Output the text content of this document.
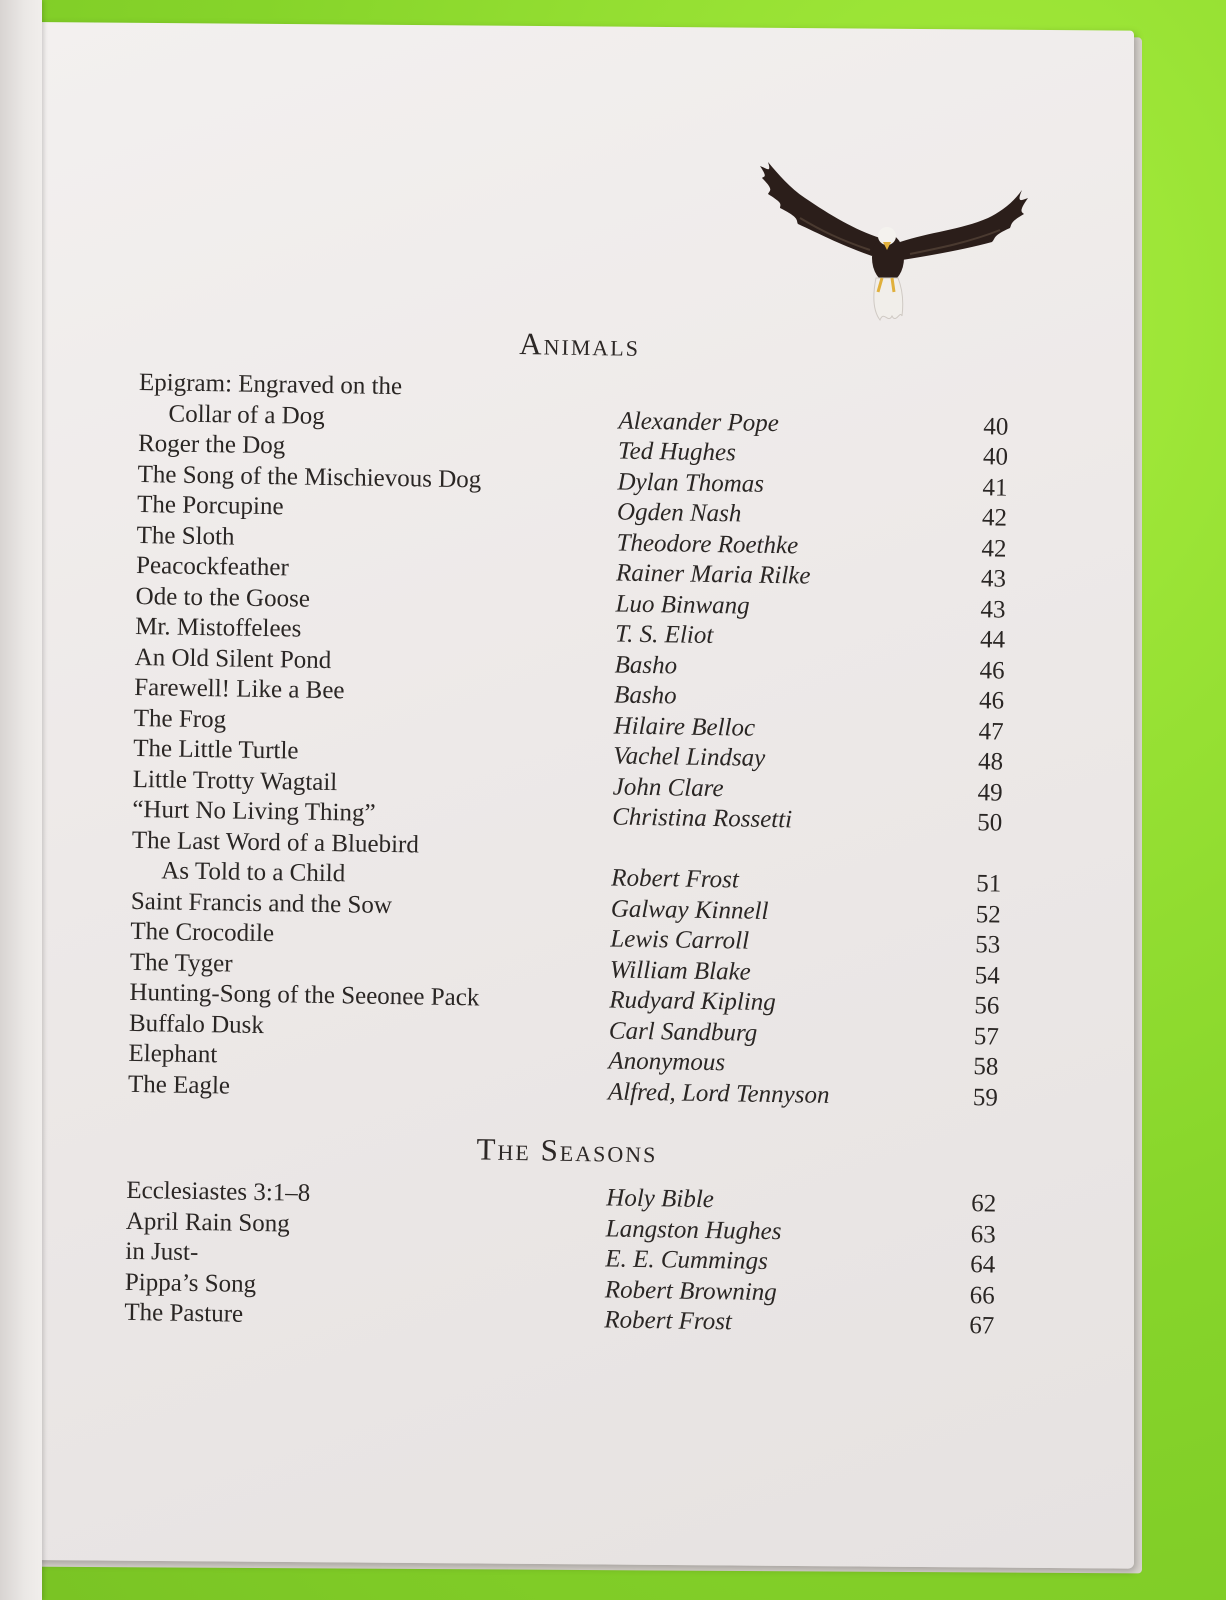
Animals
Epigram: Engraved on the
Collar of a Dog	Alexander Pope	40
Roger the Dog	Ted Hughes	40
The Song of the Mischievous Dog	Dylan Thomas	41
The Porcupine	Ogden Nash	42
The Sloth	Theodore Roethke	42
Peacockfeather	Rainer Maria Rilke	43
Ode to the Goose	Luo Binwang	43
Mr. Mistoffelees	T. S. Eliot	44
An Old Silent Pond	Basho	46
Farewell! Like a Bee	Basho	46
The Frog	Hilaire Belloc	47
The Little Turtle	Vachel Lindsay	48
Little Trotty Wagtail	John Clare	49
“Hurt No Living Thing”	Christina Rossetti	50
The Last Word of a Bluebird
As Told to a Child	Robert Frost	51
Saint Francis and the Sow	Galway Kinnell	52
The Crocodile	Lewis Carroll	53
The Tyger	William Blake	54
Hunting-Song of the Seeonee Pack	Rudyard Kipling	56
Buffalo Dusk	Carl Sandburg	57
Elephant	Anonymous	58
The Eagle	Alfred, Lord Tennyson	59
The Seasons
Ecclesiastes 3:1–8	Holy Bible	62
April Rain Song	Langston Hughes	63
in Just-	E. E. Cummings	64
Pippa’s Song	Robert Browning	66
The Pasture	Robert Frost	67
